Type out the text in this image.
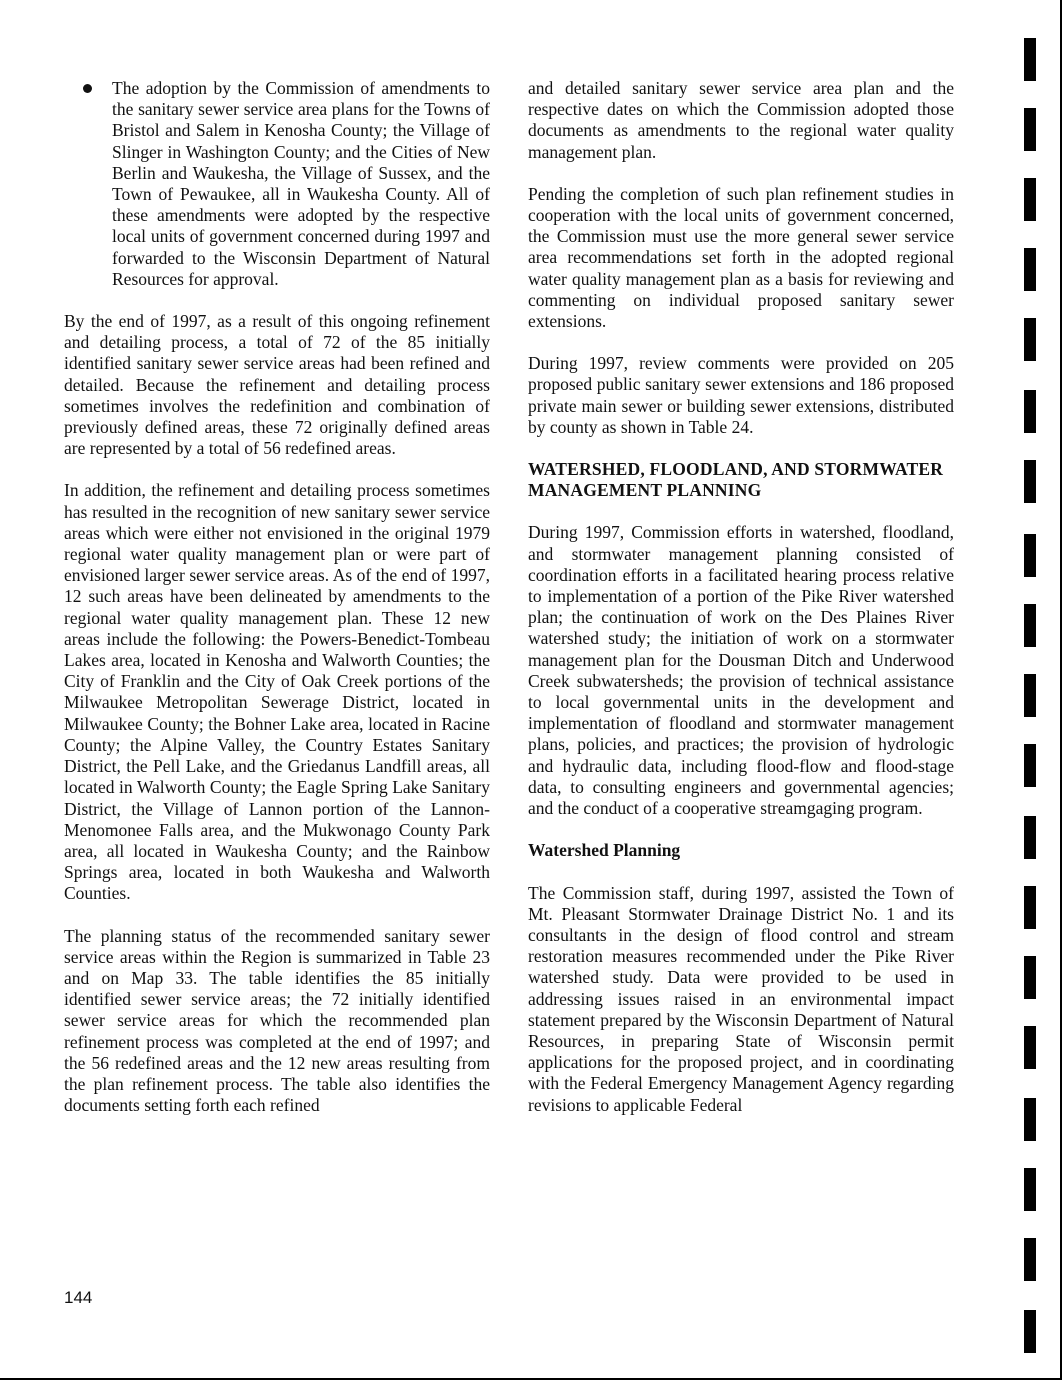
The adoption by the Commission of amendments to the sanitary sewer service area plans for the Towns of Bristol and Salem in Kenosha County; the Village of Slinger in Washington County; and the Cities of New Berlin and Waukesha, the Village of Sussex, and the Town of Pewaukee, all in Waukesha County. All of these amendments were adopted by the respective local units of government concerned during 1997 and forwarded to the Wisconsin Department of Natural Resources for approval.

By the end of 1997, as a result of this ongoing refinement and detailing process, a total of 72 of the 85 initially identified sanitary sewer service areas had been refined and detailed. Because the refinement and detailing process sometimes involves the redefinition and combination of previously defined areas, these 72 originally defined areas are represented by a total of 56 redefined areas.

In addition, the refinement and detailing process sometimes has resulted in the recognition of new sanitary sewer service areas which were either not envisioned in the original 1979 regional water quality management plan or were part of envisioned larger sewer service areas. As of the end of 1997, 12 such areas have been delineated by amendments to the regional water quality management plan. These 12 new areas include the following: the Powers-Benedict-Tombeau Lakes area, located in Kenosha and Walworth Counties; the City of Franklin and the City of Oak Creek portions of the Milwaukee Metropolitan Sewerage District, located in Milwaukee County; the Bohner Lake area, located in Racine County; the Alpine Valley, the Country Estates Sanitary District, the Pell Lake, and the Griedanus Landfill areas, all located in Walworth County; the Eagle Spring Lake Sanitary District, the Village of Lannon portion of the Lannon-Menomonee Falls area, and the Mukwonago County Park area, all located in Waukesha County; and the Rainbow Springs area, located in both Waukesha and Walworth Counties.

The planning status of the recommended sanitary sewer service areas within the Region is summarized in Table 23 and on Map 33. The table identifies the 85 initially identified sewer service areas; the 72 initially identified sewer service areas for which the recommended plan refinement process was completed at the end of 1997; and the 56 redefined areas and the 12 new areas resulting from the plan refinement process. The table also identifies the documents setting forth each refined

and detailed sanitary sewer service area plan and the respective dates on which the Commission adopted those documents as amendments to the regional water quality management plan.

Pending the completion of such plan refinement studies in cooperation with the local units of government concerned, the Commission must use the more general sewer service area recommendations set forth in the adopted regional water quality management plan as a basis for reviewing and commenting on individual proposed sanitary sewer extensions.

During 1997, review comments were provided on 205 proposed public sanitary sewer extensions and 186 proposed private main sewer or building sewer extensions, distributed by county as shown in Table 24.

WATERSHED, FLOODLAND, AND STORMWATER MANAGEMENT PLANNING

During 1997, Commission efforts in watershed, floodland, and stormwater management planning consisted of coordination efforts in a facilitated hearing process relative to implementation of a portion of the Pike River watershed plan; the continuation of work on the Des Plaines River watershed study; the initiation of work on a stormwater management plan for the Dousman Ditch and Underwood Creek subwatersheds; the provision of technical assistance to local governmental units in the development and implementation of floodland and stormwater management plans, policies, and practices; the provision of hydrologic and hydraulic data, including flood-flow and flood-stage data, to consulting engineers and governmental agencies; and the conduct of a cooperative streamgaging program.

Watershed Planning

The Commission staff, during 1997, assisted the Town of Mt. Pleasant Stormwater Drainage District No. 1 and its consultants in the design of flood control and stream restoration measures recommended under the Pike River watershed study. Data were provided to be used in addressing issues raised in an environmental impact statement prepared by the Wisconsin Department of Natural Resources, in preparing State of Wisconsin permit applications for the proposed project, and in coordinating with the Federal Emergency Management Agency regarding revisions to applicable Federal

144
